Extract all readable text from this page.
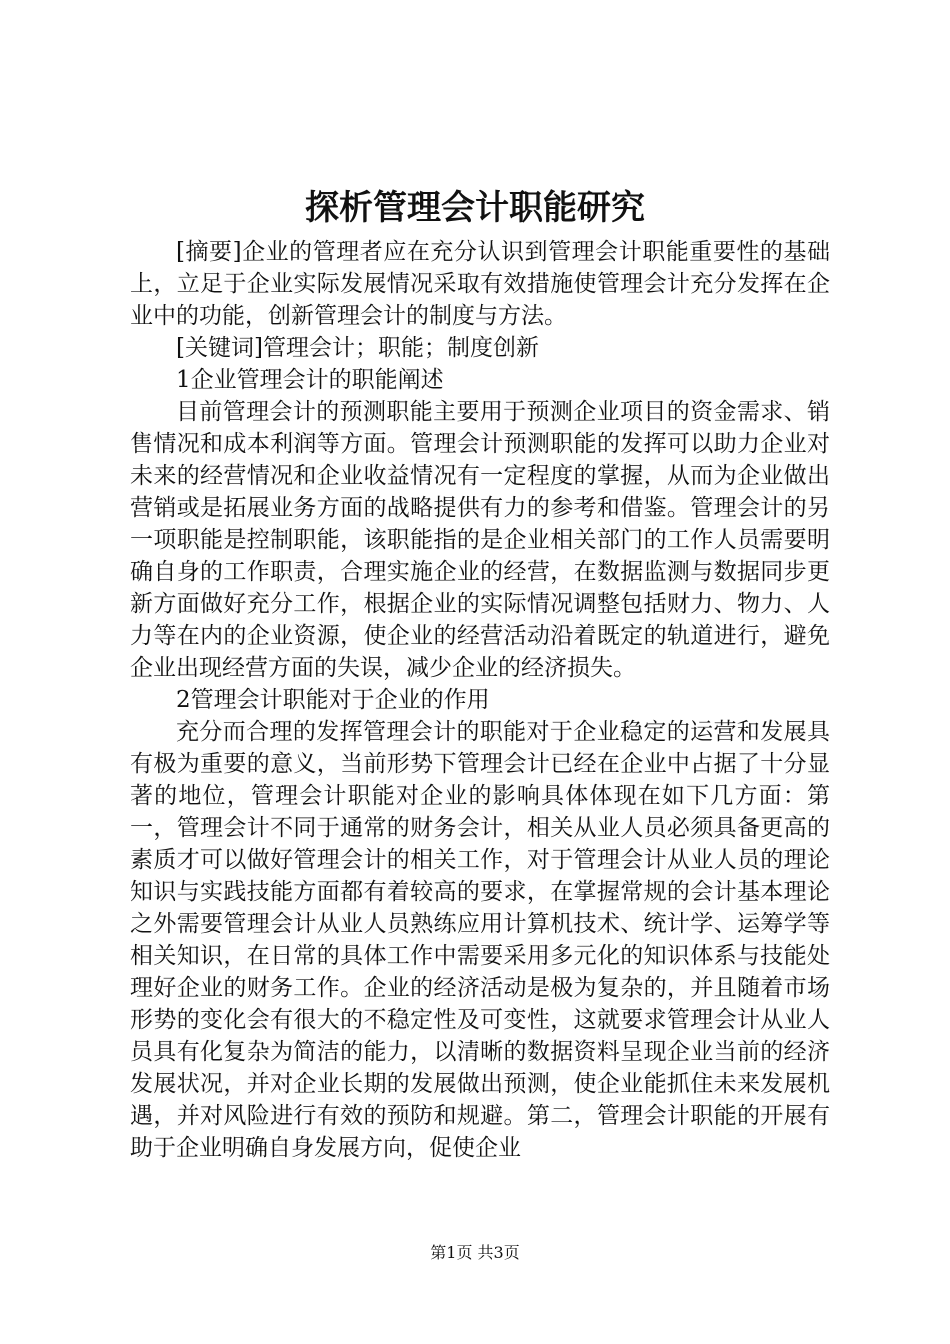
探析管理会计职能研究

[摘要]企业的管理者应在充分认识到管理会计职能重要性的基础上，立足于企业实际发展情况采取有效措施使管理会计充分发挥在企业中的功能，创新管理会计的制度与方法。

[关键词]管理会计；职能；制度创新

1企业管理会计的职能阐述

目前管理会计的预测职能主要用于预测企业项目的资金需求、销售情况和成本利润等方面。管理会计预测职能的发挥可以助力企业对未来的经营情况和企业收益情况有一定程度的掌握，从而为企业做出营销或是拓展业务方面的战略提供有力的参考和借鉴。管理会计的另一项职能是控制职能，该职能指的是企业相关部门的工作人员需要明确自身的工作职责，合理实施企业的经营，在数据监测与数据同步更新方面做好充分工作，根据企业的实际情况调整包括财力、物力、人力等在内的企业资源，使企业的经营活动沿着既定的轨道进行，避免企业出现经营方面的失误，减少企业的经济损失。

2管理会计职能对于企业的作用

充分而合理的发挥管理会计的职能对于企业稳定的运营和发展具有极为重要的意义，当前形势下管理会计已经在企业中占据了十分显著的地位，管理会计职能对企业的影响具体体现在如下几方面：第一，管理会计不同于通常的财务会计，相关从业人员必须具备更高的素质才可以做好管理会计的相关工作，对于管理会计从业人员的理论知识与实践技能方面都有着较高的要求，在掌握常规的会计基本理论之外需要管理会计从业人员熟练应用计算机技术、统计学、运筹学等相关知识，在日常的具体工作中需要采用多元化的知识体系与技能处理好企业的财务工作。企业的经济活动是极为复杂的，并且随着市场形势的变化会有很大的不稳定性及可变性，这就要求管理会计从业人员具有化复杂为简洁的能力，以清晰的数据资料呈现企业当前的经济发展状况，并对企业长期的发展做出预测，使企业能抓住未来发展机遇，并对风险进行有效的预防和规避。第二，管理会计职能的开展有助于企业明确自身发展方向，促使企业

第1页 共3页
